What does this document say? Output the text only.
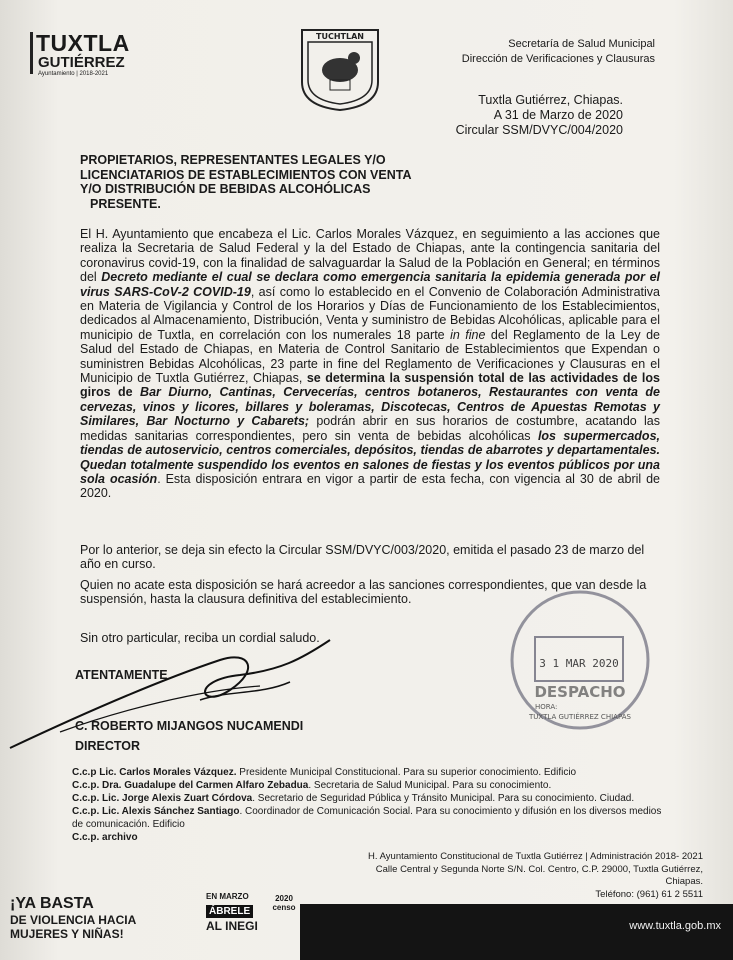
TUXTLA
GUTIÉRREZ
Ayuntamiento | 2018-2021
TUCHTLAN
Secretaría de Salud Municipal
Dirección de Verificaciones y Clausuras
Tuxtla Gutiérrez, Chiapas.
A 31 de Marzo de 2020
Circular SSM/DVYC/004/2020
PROPIETARIOS, REPRESENTANTES LEGALES Y/O
LICENCIATARIOS DE ESTABLECIMIENTOS CON VENTA
Y/O DISTRIBUCIÓN DE BEBIDAS ALCOHÓLICAS
PRESENTE.

El H. Ayuntamiento que encabeza el Lic. Carlos Morales Vázquez, en seguimiento a las acciones que realiza la Secretaria de Salud Federal y la del Estado de Chiapas, ante la contingencia sanitaria del coronavirus covid-19, con la finalidad de salvaguardar la Salud de la Población en General; en términos del Decreto mediante el cual se declara como emergencia sanitaria la epidemia generada por el virus SARS-CoV-2 COVID-19, así como lo establecido en el Convenio de Colaboración Administrativa en Materia de Vigilancia y Control de los Horarios y Días de Funcionamiento de los Establecimientos, dedicados al Almacenamiento, Distribución, Venta y suministro de Bebidas Alcohólicas, aplicable para el municipio de Tuxtla, en correlación con los numerales 18 parte in fine del Reglamento de la Ley de Salud del Estado de Chiapas, en Materia de Control Sanitario de Establecimientos que Expendan o suministren Bebidas Alcohólicas, 23 parte in fine del Reglamento de Verificaciones y Clausuras en el Municipio de Tuxtla Gutiérrez, Chiapas, se determina la suspensión total de las actividades de los giros de Bar Diurno, Cantinas, Cervecerías, centros botaneros, Restaurantes con venta de cervezas, vinos y licores, billares y boleramas, Discotecas, Centros de Apuestas Remotas y Similares, Bar Nocturno y Cabarets; podrán abrir en sus horarios de costumbre, acatando las medidas sanitarias correspondientes, pero sin venta de bebidas alcohólicas los supermercados, tiendas de autoservicio, centros comerciales, depósitos, tiendas de abarrotes y departamentales. Quedan totalmente suspendido los eventos en salones de fiestas y los eventos públicos por una sola ocasión. Esta disposición entrara en vigor a partir de esta fecha, con vigencia al 30 de abril de 2020.

Por lo anterior, se deja sin efecto la Circular SSM/DVYC/003/2020, emitida el pasado 23 de marzo del año en curso.
Quien no acate esta disposición se hará acreedor a las sanciones correspondientes, que van desde la suspensión, hasta la clausura definitiva del establecimiento.
Sin otro particular, reciba un cordial saludo.
3 1 MAR 2020
DESPACHO
HORA:
TUXTLA GUTIÉRREZ CHIAPAS
ATENTAMENTE
C. ROBERTO MIJANGOS NUCAMENDI
DIRECTOR
C.c.p Lic. Carlos Morales Vázquez. Presidente Municipal Constitucional. Para su superior conocimiento. Edificio
C.c.p. Dra. Guadalupe del Carmen Alfaro Zebadua. Secretaria de Salud Municipal. Para su conocimiento.
C.c.p. Lic. Jorge Alexis Zuart Córdova. Secretario de Seguridad Pública y Tránsito Municipal. Para su conocimiento. Ciudad.
C.c.p. Lic. Alexis Sánchez Santiago. Coordinador de Comunicación Social. Para su conocimiento y difusión en los diversos medios de comunicación. Edificio
C.c.p. archivo
H. Ayuntamiento Constitucional de Tuxtla Gutiérrez | Administración 2018- 2021
Calle Central y Segunda Norte S/N. Col. Centro, C.P. 29000, Tuxtla Gutiérrez,
Chiapas.
Teléfono: (961) 61 2 5511
www.tuxtla.gob.mx
¡YA BASTA
DE VIOLENCIA HACIA
MUJERES Y NIÑAS!
EN MARZO
ÁBRELE
AL INEGI
2020 censo
